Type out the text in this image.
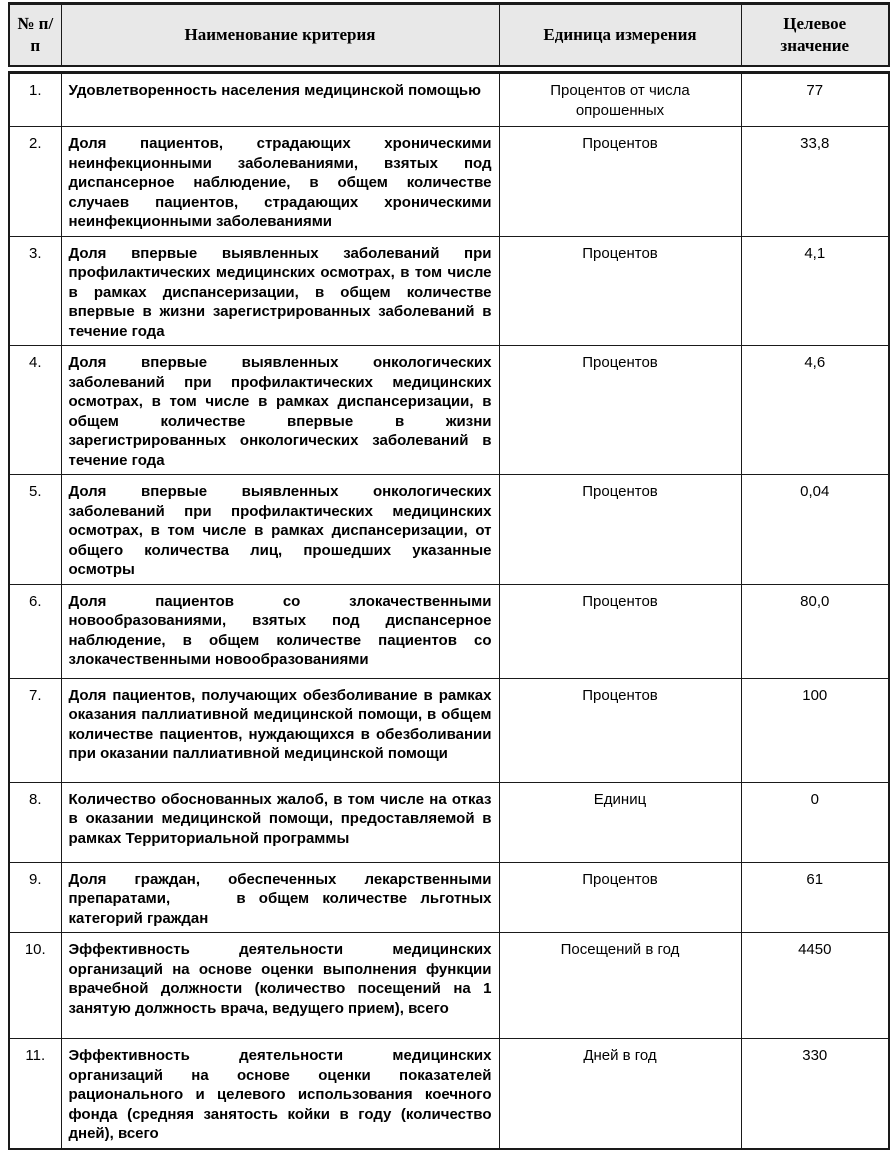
№ п/п	Наименование критерия	Единица измерения	Целевое значение
1.	Удовлетворенность населения медицинской помощью	Процентов от числа опрошенных	77
2.	Доля пациентов, страдающих хроническими неинфекционными заболеваниями, взятых под диспансерное наблюдение, в общем количестве случаев пациентов, страдающих хроническими неинфекционными заболеваниями	Процентов	33,8
3.	Доля впервые выявленных заболеваний при профилактических медицинских осмотрах, в том числе в рамках диспансеризации, в общем количестве впервые в жизни зарегистрированных заболеваний в течение года	Процентов	4,1
4.	Доля впервые выявленных онкологических заболеваний при профилактических медицинских осмотрах, в том числе в рамках диспансеризации, в общем количестве впервые в жизни зарегистрированных онкологических заболеваний в течение года	Процентов	4,6
5.	Доля впервые выявленных онкологических заболеваний при профилактических медицинских осмотрах, в том числе в рамках диспансеризации, от общего количества лиц, прошедших указанные осмотры	Процентов	0,04
6.	Доля пациентов со злокачественными новообразованиями, взятых под диспансерное наблюдение, в общем количестве пациентов со злокачественными новообразованиями	Процентов	80,0
7.	Доля пациентов, получающих обезболивание в рамках оказания паллиативной медицинской помощи, в общем количестве пациентов, нуждающихся в обезболивании при оказании паллиативной медицинской помощи	Процентов	100
8.	Количество обоснованных жалоб, в том числе на отказ в оказании медицинской помощи, предоставляемой в рамках Территориальной программы	Единиц	0
9.	Доля граждан, обеспеченных лекарственными препаратами,     в общем количестве льготных категорий граждан	Процентов	61
10.	Эффективность деятельности медицинских организаций на основе оценки выполнения функции врачебной должности (количество посещений на 1 занятую должность врача, ведущего прием), всего	Посещений в год	4450
11.	Эффективность деятельности медицинских организаций на основе оценки показателей рационального и целевого использования коечного фонда (средняя занятость койки в году (количество дней), всего	Дней в год	330
